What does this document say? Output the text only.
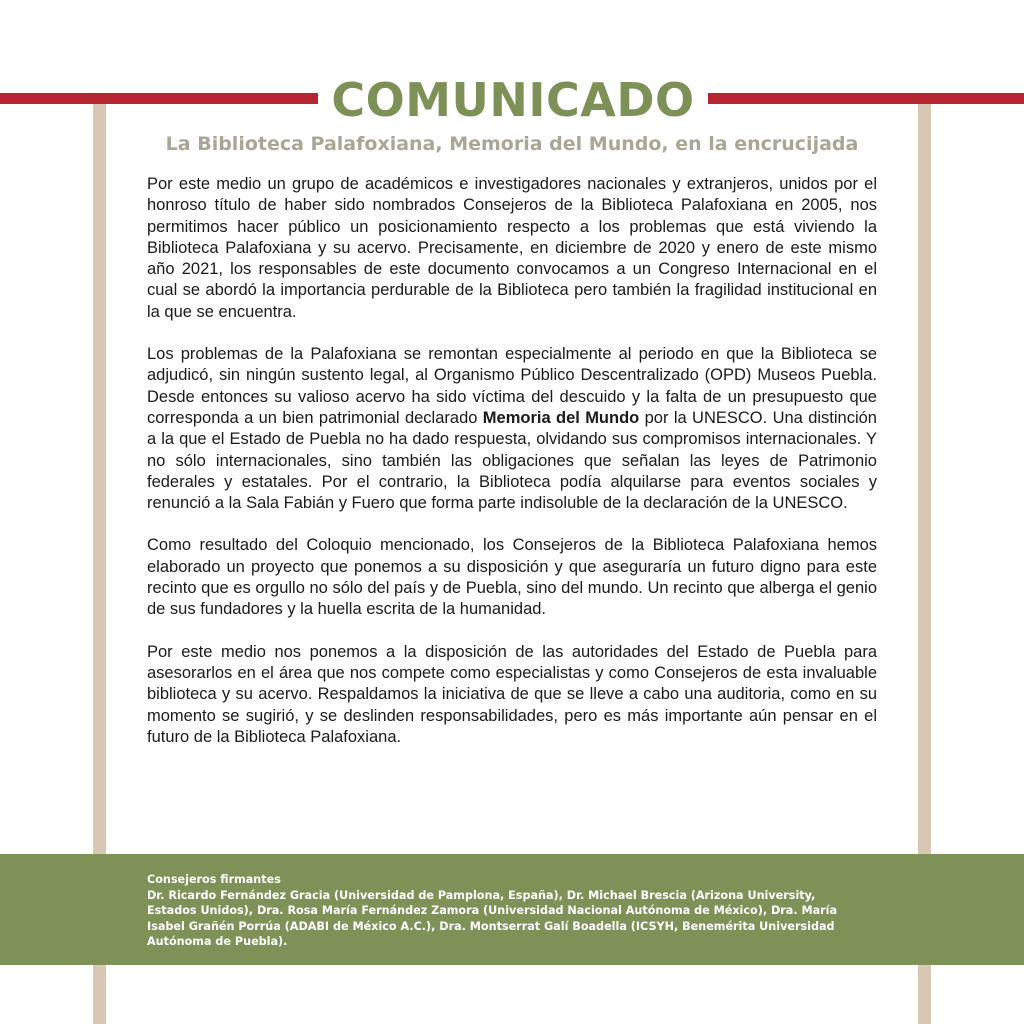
COMUNICADO
La Biblioteca Palafoxiana, Memoria del Mundo, en la encrucijada

Por este medio un grupo de académicos e investigadores nacionales y extranjeros, unidos por el honroso título de haber sido nombrados Consejeros de la Biblioteca Palafoxiana en 2005, nos permitimos hacer público un posicionamiento respecto a los problemas que está viviendo la Biblioteca Palafoxiana y su acervo. Precisamente, en diciembre de 2020 y enero de este mismo año 2021, los responsables de este documento convocamos a un Congreso Internacional en el cual se abordó la importancia perdurable de la Biblioteca pero también la fragilidad institucional en la que se encuentra.

Los problemas de la Palafoxiana se remontan especialmente al periodo en que la Biblioteca se adjudicó, sin ningún sustento legal, al Organismo Público Descentralizado (OPD) Museos Puebla. Desde entonces su valioso acervo ha sido víctima del descuido y la falta de un presupuesto que corresponda a un bien patrimonial declarado Memoria del Mundo por la UNESCO. Una distinción a la que el Estado de Puebla no ha dado respuesta, olvidando sus compromisos internacionales. Y no sólo internacionales, sino también las obligaciones que señalan las leyes de Patrimonio federales y estatales. Por el contrario, la Biblioteca podía alquilarse para eventos sociales y renunció a la Sala Fabián y Fuero que forma parte indisoluble de la declaración de la UNESCO.

Como resultado del Coloquio mencionado, los Consejeros de la Biblioteca Palafoxiana hemos elaborado un proyecto que ponemos a su disposición y que aseguraría un futuro digno para este recinto que es orgullo no sólo del país y de Puebla, sino del mundo. Un recinto que alberga el genio de sus fundadores y la huella escrita de la humanidad.

Por este medio nos ponemos a la disposición de las autoridades del Estado de Puebla para asesorarlos en el área que nos compete como especialistas y como Consejeros de esta invaluable biblioteca y su acervo. Respaldamos la iniciativa de que se lleve a cabo una auditoria, como en su momento se sugirió, y se deslinden responsabilidades, pero es más importante aún pensar en el futuro de la Biblioteca Palafoxiana.

Consejeros firmantes
Dr. Ricardo Fernández Gracia (Universidad de Pamplona, España), Dr. Michael Brescia (Arizona University, Estados Unidos), Dra. Rosa María Fernández Zamora (Universidad Nacional Autónoma de México), Dra. María Isabel Grañén Porrúa (ADABI de México A.C.), Dra. Montserrat Galí Boadella (ICSYH, Benemérita Universidad Autónoma de Puebla).
